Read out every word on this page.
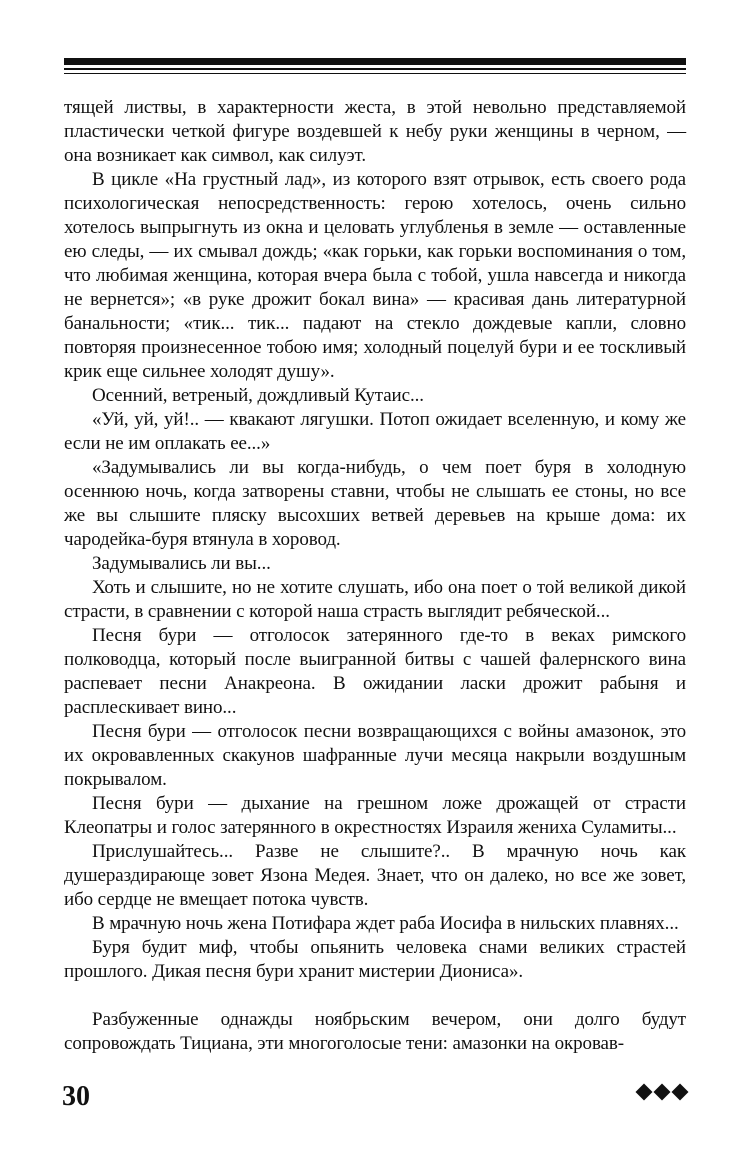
тящей листвы, в характерности жеста, в этой невольно представляемой пластически четкой фигуре воздевшей к небу руки женщины в черном, — она возникает как символ, как силуэт.

В цикле «На грустный лад», из которого взят отрывок, есть своего рода психологическая непосредственность: герою хотелось, очень сильно хотелось выпрыгнуть из окна и целовать углубленья в земле — оставленные ею следы, — их смывал дождь; «как горьки, как горьки воспоминания о том, что любимая женщина, которая вчера была с тобой, ушла навсегда и никогда не вернется»; «в руке дрожит бокал вина» — красивая дань литературной банальности; «тик... тик... падают на стекло дождевые капли, словно повторяя произнесенное тобою имя; холодный поцелуй бури и ее тоскливый крик еще сильнее холодят душу».

Осенний, ветреный, дождливый Кутаис...

«Уй, уй, уй!.. — квакают лягушки. Потоп ожидает вселенную, и кому же если не им оплакать ее...»

«Задумывались ли вы когда-нибудь, о чем поет буря в холодную осеннюю ночь, когда затворены ставни, чтобы не слышать ее стоны, но все же вы слышите пляску высохших ветвей деревьев на крыше дома: их чародейка-буря втянула в хоровод.

Задумывались ли вы...

Хоть и слышите, но не хотите слушать, ибо она поет о той великой дикой страсти, в сравнении с которой наша страсть выглядит ребяческой...

Песня бури — отголосок затерянного где-то в веках римского полководца, который после выигранной битвы с чашей фалернского вина распевает песни Анакреона. В ожидании ласки дрожит рабыня и расплескивает вино...

Песня бури — отголосок песни возвращающихся с войны амазонок, это их окровавленных скакунов шафранные лучи месяца накрыли воздушным покрывалом.

Песня бури — дыхание на грешном ложе дрожащей от страсти Клеопатры и голос затерянного в окрестностях Израиля жениха Суламиты...

Прислушайтесь... Разве не слышите?.. В мрачную ночь как душераздирающе зовет Язона Медея. Знает, что он далеко, но все же зовет, ибо сердце не вмещает потока чувств.

В мрачную ночь жена Потифара ждет раба Иосифа в нильских плавнях...

Буря будит миф, чтобы опьянить человека снами великих страстей прошлого. Дикая песня бури хранит мистерии Диониса».

Разбуженные однажды ноябрьским вечером, они долго будут сопровождать Тициана, эти многоголосые тени: амазонки на окровав-

30
